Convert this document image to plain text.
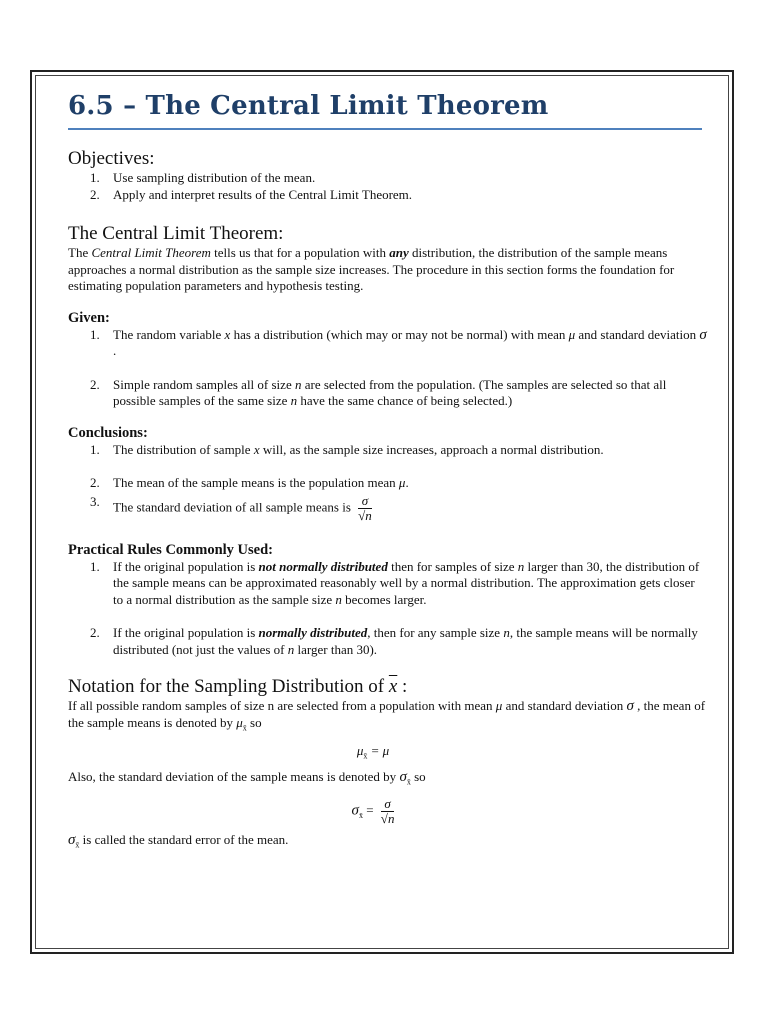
6.5 – The Central Limit Theorem
Objectives:
1. Use sampling distribution of the mean.
2. Apply and interpret results of the Central Limit Theorem.
The Central Limit Theorem:

The Central Limit Theorem tells us that for a population with any distribution, the distribution of the sample means approaches a normal distribution as the sample size increases. The procedure in this section forms the foundation for estimating population parameters and hypothesis testing.

Given:
1. The random variable x has a distribution (which may or may not be normal) with mean μ and standard deviation σ .
2. Simple random samples all of size n are selected from the population. (The samples are selected so that all possible samples of the same size n have the same chance of being selected.)
Conclusions:
1. The distribution of sample x will, as the sample size increases, approach a normal distribution.
2. The mean of the sample means is the population mean μ.
3. The standard deviation of all sample means is $\frac{\sigma}{√n}$
Practical Rules Commonly Used:
1. If the original population is not normally distributed then for samples of size n larger than 30, the distribution of the sample means can be approximated reasonably well by a normal distribution. The approximation gets closer to a normal distribution as the sample size n becomes larger.
2. If the original population is normally distributed, then for any sample size n, the sample means will be normally distributed (not just the values of n larger than 30).
Notation for the Sampling Distribution of x :

If all possible random samples of size n are selected from a population with mean μ and standard deviation σ , the mean of the sample means is denoted by $\mu_{x̄}$ so

$\mu_{x̄} = \mu$

Also, the standard deviation of the sample means is denoted by $\sigma_{x̄}$ so

$\sigma_{x̄} = \frac{\sigma}{√n}$

$\sigma_{x̄}$ is called the standard error of the mean.
